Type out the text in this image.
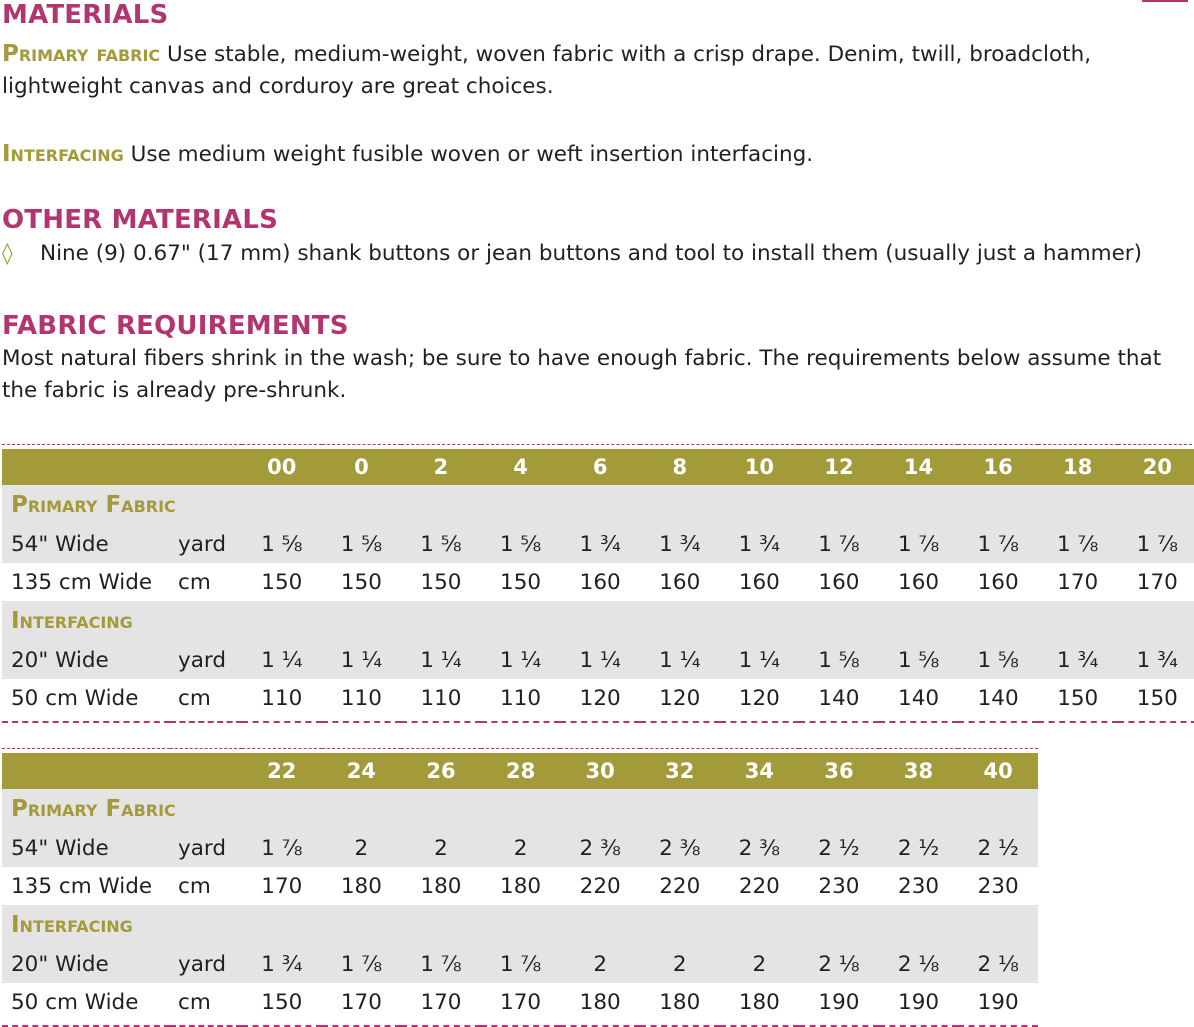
MATERIALS

Primary fabric Use stable, medium-weight, woven fabric with a crisp drape. Denim, twill, broadcloth, lightweight canvas and corduroy are great choices.

Interfacing Use medium weight fusible woven or weft insertion interfacing.

OTHER MATERIALS
◊ Nine (9) 0.67" (17 mm) shank buttons or jean buttons and tool to install them (usually just a hammer)
FABRIC REQUIREMENTS

Most natural fibers shrink in the wash; be sure to have enough fabric. The requirements below assume that the fabric is already pre-shrunk.

		00	0	2	4	6	8	10	12	14	16	18	20
Primary Fabric													
54" Wide	yard	1 ⅝	1 ⅝	1 ⅝	1 ⅝	1 ¾	1 ¾	1 ¾	1 ⅞	1 ⅞	1 ⅞	1 ⅞	1 ⅞
135 cm Wide	cm	150	150	150	150	160	160	160	160	160	160	170	170
Interfacing													
20" Wide	yard	1 ¼	1 ¼	1 ¼	1 ¼	1 ¼	1 ¼	1 ¼	1 ⅝	1 ⅝	1 ⅝	1 ¾	1 ¾
50 cm Wide	cm	110	110	110	110	120	120	120	140	140	140	150	150

		22	24	26	28	30	32	34	36	38	40
Primary Fabric											
54" Wide	yard	1 ⅞	2	2	2	2 ⅜	2 ⅜	2 ⅜	2 ½	2 ½	2 ½
135 cm Wide	cm	170	180	180	180	220	220	220	230	230	230
Interfacing											
20" Wide	yard	1 ¾	1 ⅞	1 ⅞	1 ⅞	2	2	2	2 ⅛	2 ⅛	2 ⅛
50 cm Wide	cm	150	170	170	170	180	180	180	190	190	190
